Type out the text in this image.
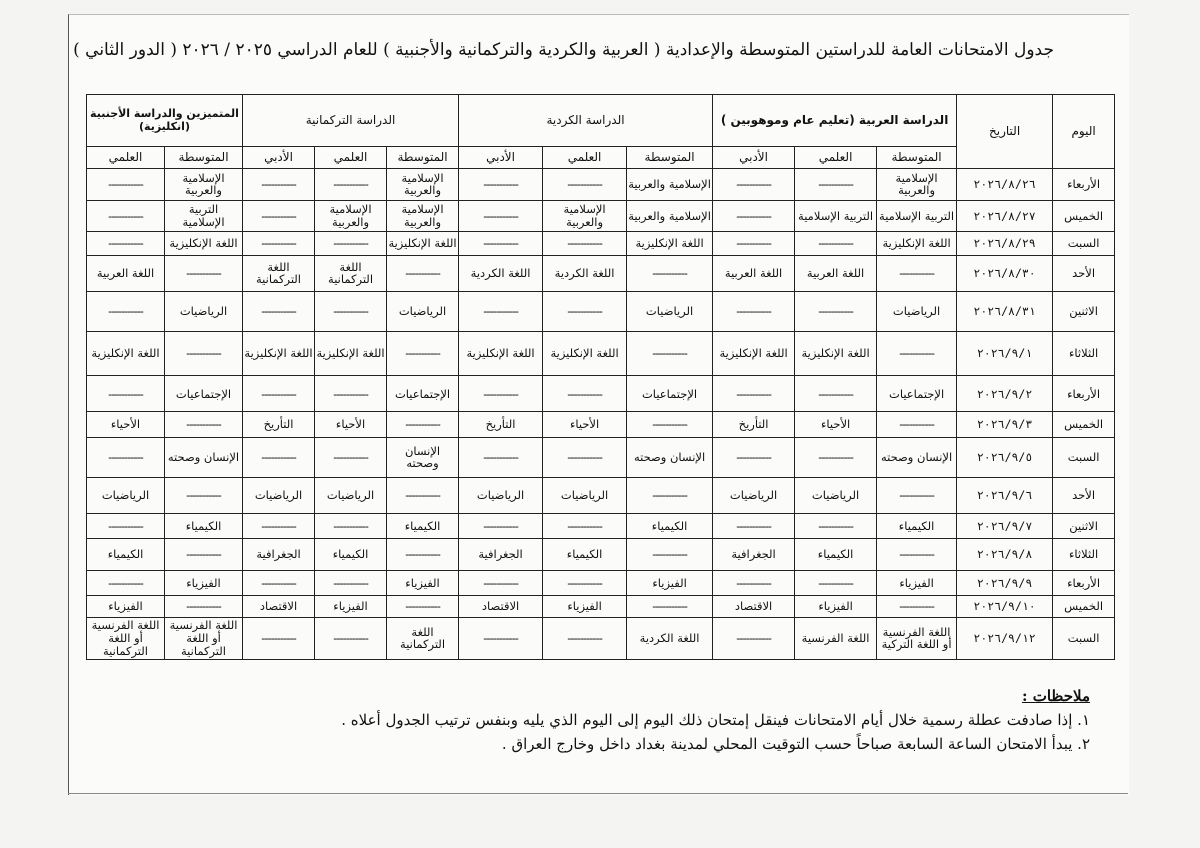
جدول الامتحانات العامة للدراستين المتوسطة والإعدادية ( العربية والكردية والتركمانية والأجنبية ) للعام الدراسي ٢٠٢٥ / ٢٠٢٦ ( الدور الثاني )
اليوم	التاريخ	الدراسة العربية (تعليم عام وموهوبين )			الدراسة الكردية			الدراسة التركمانية			المتميزين والدراسة الأجنبية (انكليزية)	
		المتوسطة	العلمي	الأدبي	المتوسطة	العلمي	الأدبي	المتوسطة	العلمي	الأدبي	المتوسطة	العلمي
الأربعاء	٢٠٢٦/٨/٢٦	الإسلامية والعربية	-----------	-----------	الإسلامية والعربية	-----------	-----------	الإسلامية والعربية	-----------	-----------	الإسلامية والعربية	-----------
الخميس	٢٠٢٦/٨/٢٧	التربية الإسلامية	التربية الإسلامية	-----------	الإسلامية والعربية	الإسلامية والعربية	-----------	الإسلامية والعربية	الإسلامية والعربية	-----------	التربية الإسلامية	-----------
السبت	٢٠٢٦/٨/٢٩	اللغة الإنكليزية	-----------	-----------	اللغة الإنكليزية	-----------	-----------	اللغة الإنكليزية	-----------	-----------	اللغة الإنكليزية	-----------
الأحد	٢٠٢٦/٨/٣٠	-----------	اللغة العربية	اللغة العربية	-----------	اللغة الكردية	اللغة الكردية	-----------	اللغة التركمانية	اللغة التركمانية	-----------	اللغة العربية
الاثنين	٢٠٢٦/٨/٣١	الرياضيات	-----------	-----------	الرياضيات	-----------	-----------	الرياضيات	-----------	-----------	الرياضيات	-----------
الثلاثاء	٢٠٢٦/٩/١	-----------	اللغة الإنكليزية	اللغة الإنكليزية	-----------	اللغة الإنكليزية	اللغة الإنكليزية	-----------	اللغة الإنكليزية	اللغة الإنكليزية	-----------	اللغة الإنكليزية
الأربعاء	٢٠٢٦/٩/٢	الإجتماعيات	-----------	-----------	الإجتماعيات	-----------	-----------	الإجتماعيات	-----------	-----------	الإجتماعيات	-----------
الخميس	٢٠٢٦/٩/٣	-----------	الأحياء	التأريخ	-----------	الأحياء	التأريخ	-----------	الأحياء	التأريخ	-----------	الأحياء
السبت	٢٠٢٦/٩/٥	الإنسان وصحته	-----------	-----------	الإنسان وصحته	-----------	-----------	الإنسان وصحته	-----------	-----------	الإنسان وصحته	-----------
الأحد	٢٠٢٦/٩/٦	-----------	الرياضيات	الرياضيات	-----------	الرياضيات	الرياضيات	-----------	الرياضيات	الرياضيات	-----------	الرياضيات
الاثنين	٢٠٢٦/٩/٧	الكيمياء	-----------	-----------	الكيمياء	-----------	-----------	الكيمياء	-----------	-----------	الكيمياء	-----------
الثلاثاء	٢٠٢٦/٩/٨	-----------	الكيمياء	الجغرافية	-----------	الكيمياء	الجغرافية	-----------	الكيمياء	الجغرافية	-----------	الكيمياء
الأربعاء	٢٠٢٦/٩/٩	الفيزياء	-----------	-----------	الفيزياء	-----------	-----------	الفيزياء	-----------	-----------	الفيزياء	-----------
الخميس	٢٠٢٦/٩/١٠	-----------	الفيزياء	الاقتصاد	-----------	الفيزياء	الاقتصاد	-----------	الفيزياء	الاقتصاد	-----------	الفيزياء
السبت	٢٠٢٦/٩/١٢	اللغة الفرنسية أو اللغة التركية	اللغة الفرنسية	-----------	اللغة الكردية	-----------	-----------	اللغة التركمانية	-----------	-----------	اللغة الفرنسية أو اللغة التركمانية	اللغة الفرنسية أو اللغة التركمانية
ملاحظات :
١. إذا صادفت عطلة رسمية خلال أيام الامتحانات فينقل إمتحان ذلك اليوم إلى اليوم الذي يليه وبنفس ترتيب الجدول أعلاه .
٢. يبدأ الامتحان الساعة السابعة صباحاً حسب التوقيت المحلي لمدينة بغداد داخل وخارج العراق .
